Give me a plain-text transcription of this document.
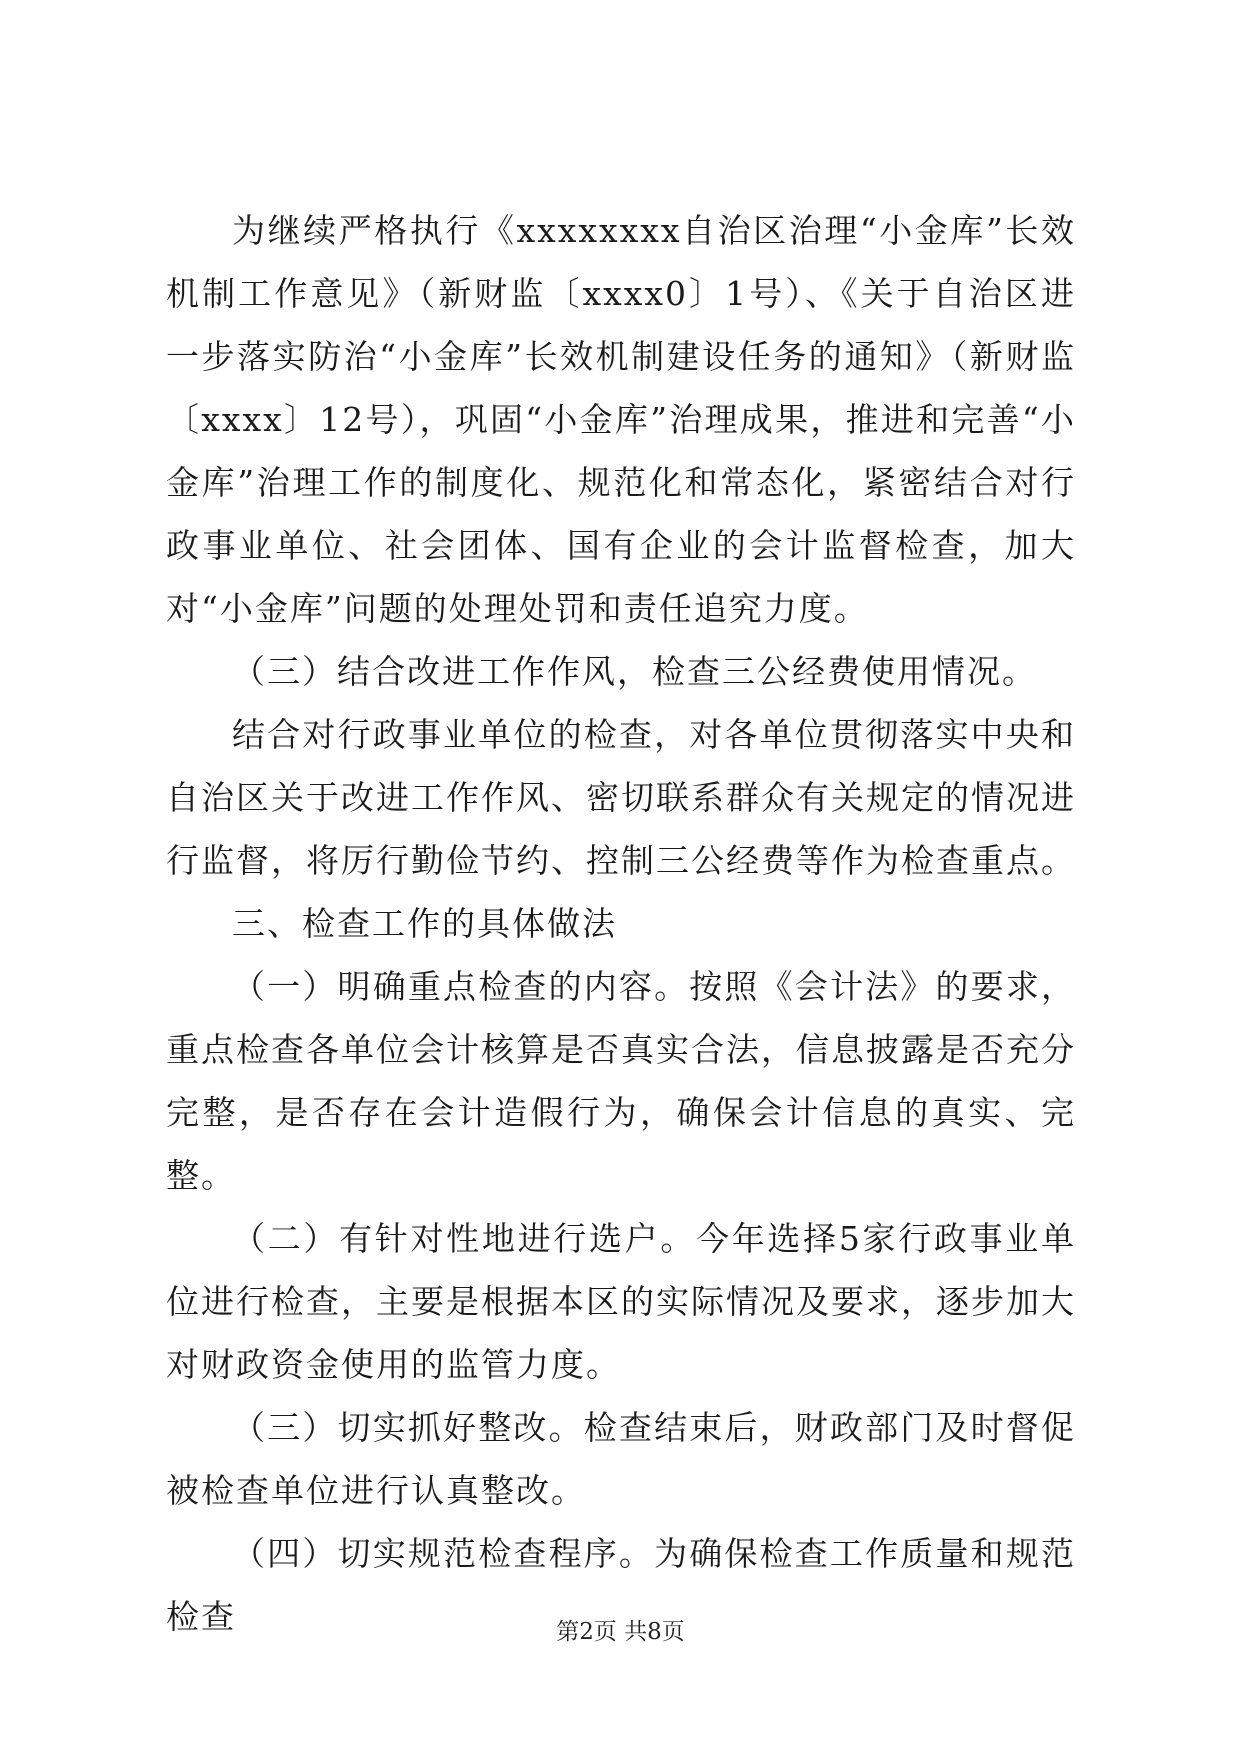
为继续严格执行《xxxxxxxx自治区治理“小金库”长效机制工作意见》（新财监〔xxxx0〕1号）、《关于自治区进一步落实防治“小金库”长效机制建设任务的通知》（新财监〔xxxx〕12号），巩固“小金库”治理成果，推进和完善“小金库”治理工作的制度化、规范化和常态化，紧密结合对行政事业单位、社会团体、国有企业的会计监督检查，加大对“小金库”问题的处理处罚和责任追究力度。

（三）结合改进工作作风，检查三公经费使用情况。

结合对行政事业单位的检查，对各单位贯彻落实中央和自治区关于改进工作作风、密切联系群众有关规定的情况进行监督，将厉行勤俭节约、控制三公经费等作为检查重点。

三、检查工作的具体做法

（一）明确重点检查的内容。按照《会计法》的要求，重点检查各单位会计核算是否真实合法，信息披露是否充分完整，是否存在会计造假行为，确保会计信息的真实、完整。

（二）有针对性地进行选户。今年选择5家行政事业单位进行检查，主要是根据本区的实际情况及要求，逐步加大对财政资金使用的监管力度。

（三）切实抓好整改。检查结束后，财政部门及时督促被检查单位进行认真整改。

（四）切实规范检查程序。为确保检查工作质量和规范检查	第2页 共8页
